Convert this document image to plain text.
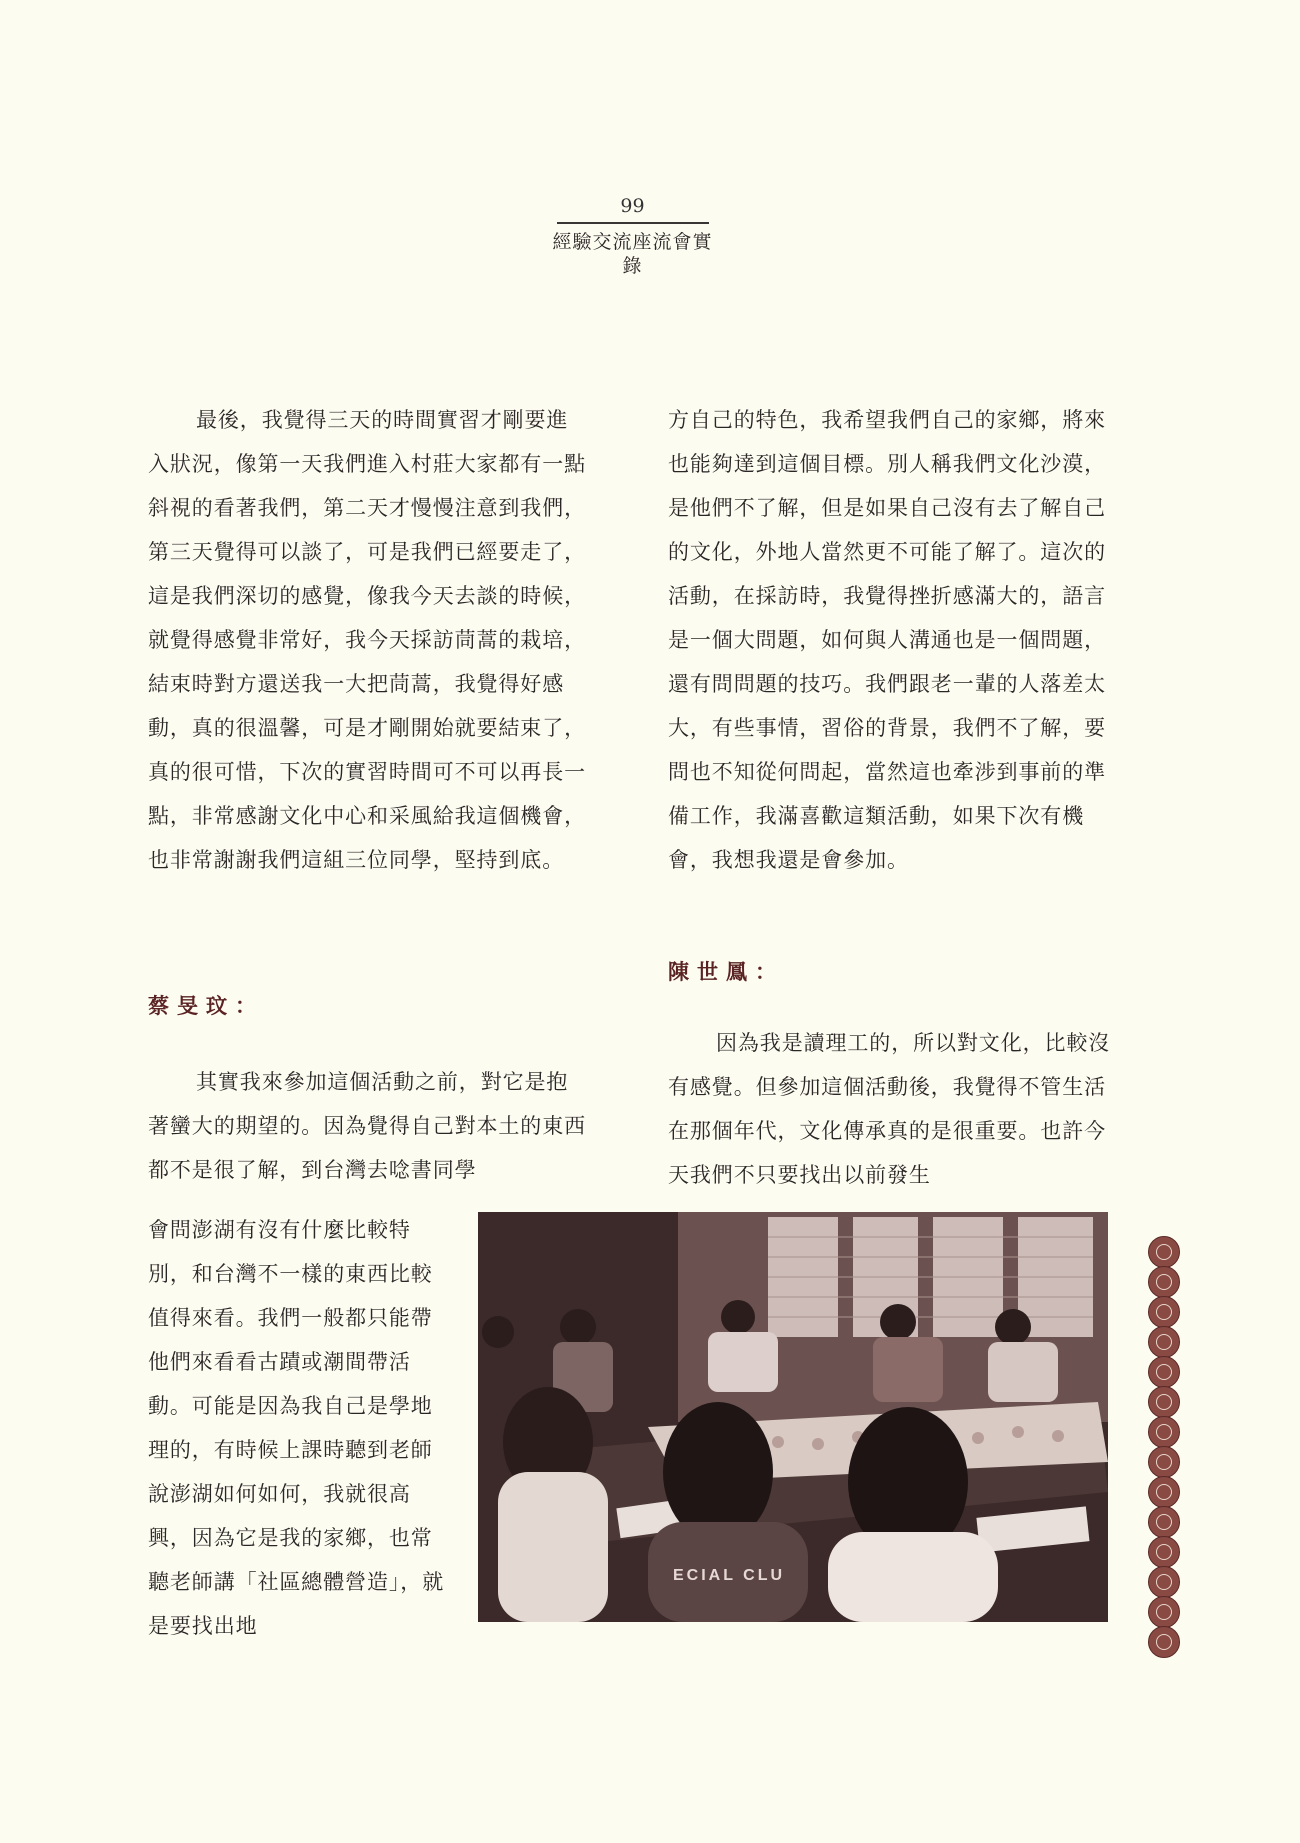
99
經驗交流座流會實錄

最後，我覺得三天的時間實習才剛要進入狀況，像第一天我們進入村莊大家都有一點斜視的看著我們，第二天才慢慢注意到我們，第三天覺得可以談了，可是我們已經要走了，這是我們深切的感覺，像我今天去談的時候，就覺得感覺非常好，我今天採訪茼蒿的栽培，結束時對方還送我一大把茼蒿，我覺得好感動，真的很溫馨，可是才剛開始就要結束了，真的很可惜，下次的實習時間可不可以再長一點，非常感謝文化中心和采風給我這個機會，也非常謝謝我們這組三位同學，堅持到底。

蔡旻玟：

其實我來參加這個活動之前，對它是抱著蠻大的期望的。因為覺得自己對本土的東西都不是很了解，到台灣去唸書同學

會問澎湖有沒有什麼比較特別，和台灣不一樣的東西比較值得來看。我們一般都只能帶他們來看看古蹟或潮間帶活動。可能是因為我自己是學地理的，有時候上課時聽到老師說澎湖如何如何，我就很高興，因為它是我的家鄉，也常聽老師講「社區總體營造」，就是要找出地

方自己的特色，我希望我們自己的家鄉，將來也能夠達到這個目標。別人稱我們文化沙漠，是他們不了解，但是如果自己沒有去了解自己的文化，外地人當然更不可能了解了。這次的活動，在採訪時，我覺得挫折感滿大的，語言是一個大問題，如何與人溝通也是一個問題，還有問問題的技巧。我們跟老一輩的人落差太大，有些事情，習俗的背景，我們不了解，要問也不知從何問起，當然這也牽涉到事前的準備工作，我滿喜歡這類活動，如果下次有機會，我想我還是會參加。

陳世鳳：

因為我是讀理工的，所以對文化，比較沒有感覺。但參加這個活動後，我覺得不管生活在那個年代，文化傳承真的是很重要。也許今天我們不只要找出以前發生

ECIAL CLU
